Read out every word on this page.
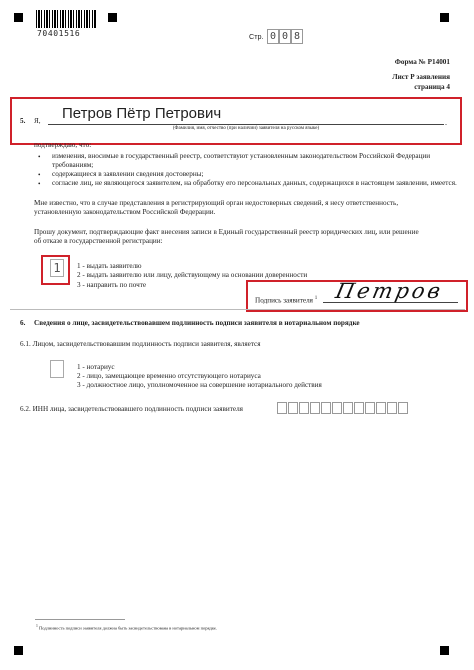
70401516	Стр. 0 0 8
Форма № Р14001
Лист Р заявления
страница 4
5. Я, Петров Пётр Петрович
.
(Фамилия, имя, отчество (при наличии) заявителя на русском языке)
подтверждаю, что:
• изменения, вносимые в государственный реестр, соответствуют установленным законодательством Российской Федерации
требованиям;
• содержащиеся в заявлении сведения достоверны;
• согласие лиц, не являющегося заявителем, на обработку его персональных данных, содержащихся в настоящем заявлении, имеется.
Мне известно, что в случае представления в регистрирующий орган недостоверных сведений, я несу ответственность,
установленную законодательством Российской Федерации.
Прошу документ, подтверждающие факт внесения записи в Единый государственный реестр юридических лиц, или решение
об отказе в государственной регистрации:
1	1 - выдать заявителю
2 - выдать заявителю или лицу, действующему на основании доверенности
3 - направить по почте
Подпись заявителя $^1$ Петров
6. Сведения о лице, засвидетельствовавшем подлинность подписи заявителя в нотариальном порядке
6.1. Лицом, засвидетельствовавшим подлинность подписи заявителя, является
1 - нотариус
2 - лицо, замещающее временно отсутствующего нотариуса
3 - должностное лицо, уполномоченное на совершение нотариального действия
6.2. ИНН лица, засвидетельствовавшего подлинность подписи заявителя
$^1$ Подлинность подписи заявителя должна быть засвидетельствована в нотариальном порядке.
